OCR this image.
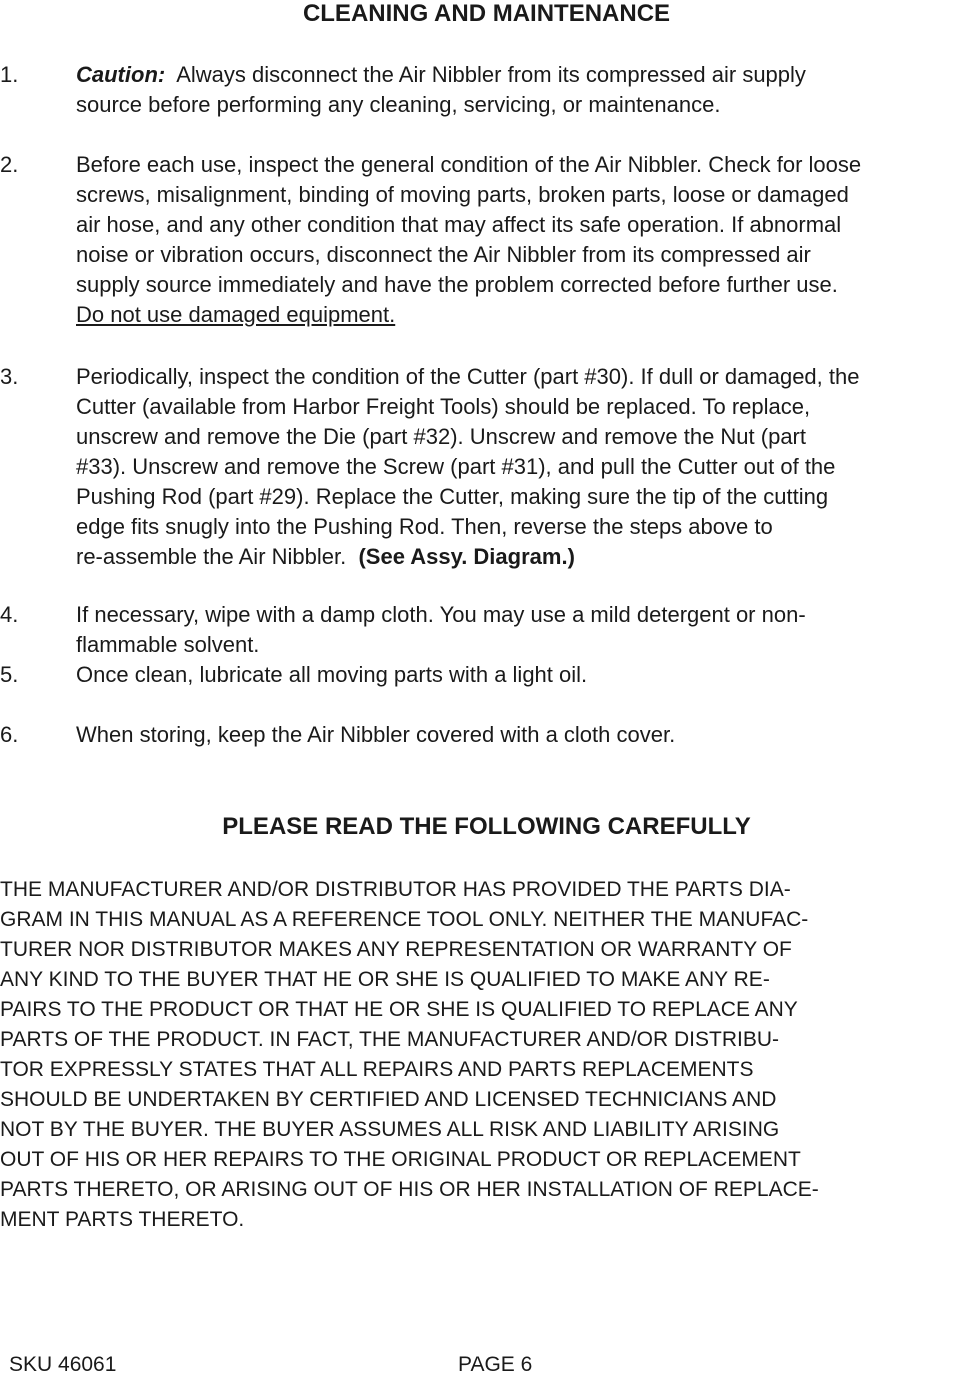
CLEANING AND MAINTENANCE
1.	Caution: Always disconnect the Air Nibbler from its compressed air supply
source before performing any cleaning, servicing, or maintenance.
2.	Before each use, inspect the general condition of the Air Nibbler. Check for loose
screws, misalignment, binding of moving parts, broken parts, loose or damaged
air hose, and any other condition that may affect its safe operation. If abnormal
noise or vibration occurs, disconnect the Air Nibbler from its compressed air
supply source immediately and have the problem corrected before further use.
Do not use damaged equipment.
3.	Periodically, inspect the condition of the Cutter (part #30). If dull or damaged, the
Cutter (available from Harbor Freight Tools) should be replaced. To replace,
unscrew and remove the Die (part #32). Unscrew and remove the Nut (part
#33). Unscrew and remove the Screw (part #31), and pull the Cutter out of the
Pushing Rod (part #29). Replace the Cutter, making sure the tip of the cutting
edge fits snugly into the Pushing Rod. Then, reverse the steps above to
re-assemble the Air Nibbler. (See Assy. Diagram.)
4.	If necessary, wipe with a damp cloth. You may use a mild detergent or non-
flammable solvent.
5.	Once clean, lubricate all moving parts with a light oil.
6.	When storing, keep the Air Nibbler covered with a cloth cover.
PLEASE READ THE FOLLOWING CAREFULLY
THE MANUFACTURER AND/OR DISTRIBUTOR HAS PROVIDED THE PARTS DIA-
GRAM IN THIS MANUAL AS A REFERENCE TOOL ONLY. NEITHER THE MANUFAC-
TURER NOR DISTRIBUTOR MAKES ANY REPRESENTATION OR WARRANTY OF
ANY KIND TO THE BUYER THAT HE OR SHE IS QUALIFIED TO MAKE ANY RE-
PAIRS TO THE PRODUCT OR THAT HE OR SHE IS QUALIFIED TO REPLACE ANY
PARTS OF THE PRODUCT. IN FACT, THE MANUFACTURER AND/OR DISTRIBU-
TOR EXPRESSLY STATES THAT ALL REPAIRS AND PARTS REPLACEMENTS
SHOULD BE UNDERTAKEN BY CERTIFIED AND LICENSED TECHNICIANS AND
NOT BY THE BUYER. THE BUYER ASSUMES ALL RISK AND LIABILITY ARISING
OUT OF HIS OR HER REPAIRS TO THE ORIGINAL PRODUCT OR REPLACEMENT
PARTS THERETO, OR ARISING OUT OF HIS OR HER INSTALLATION OF REPLACE-
MENT PARTS THERETO.
SKU 46061	PAGE 6
